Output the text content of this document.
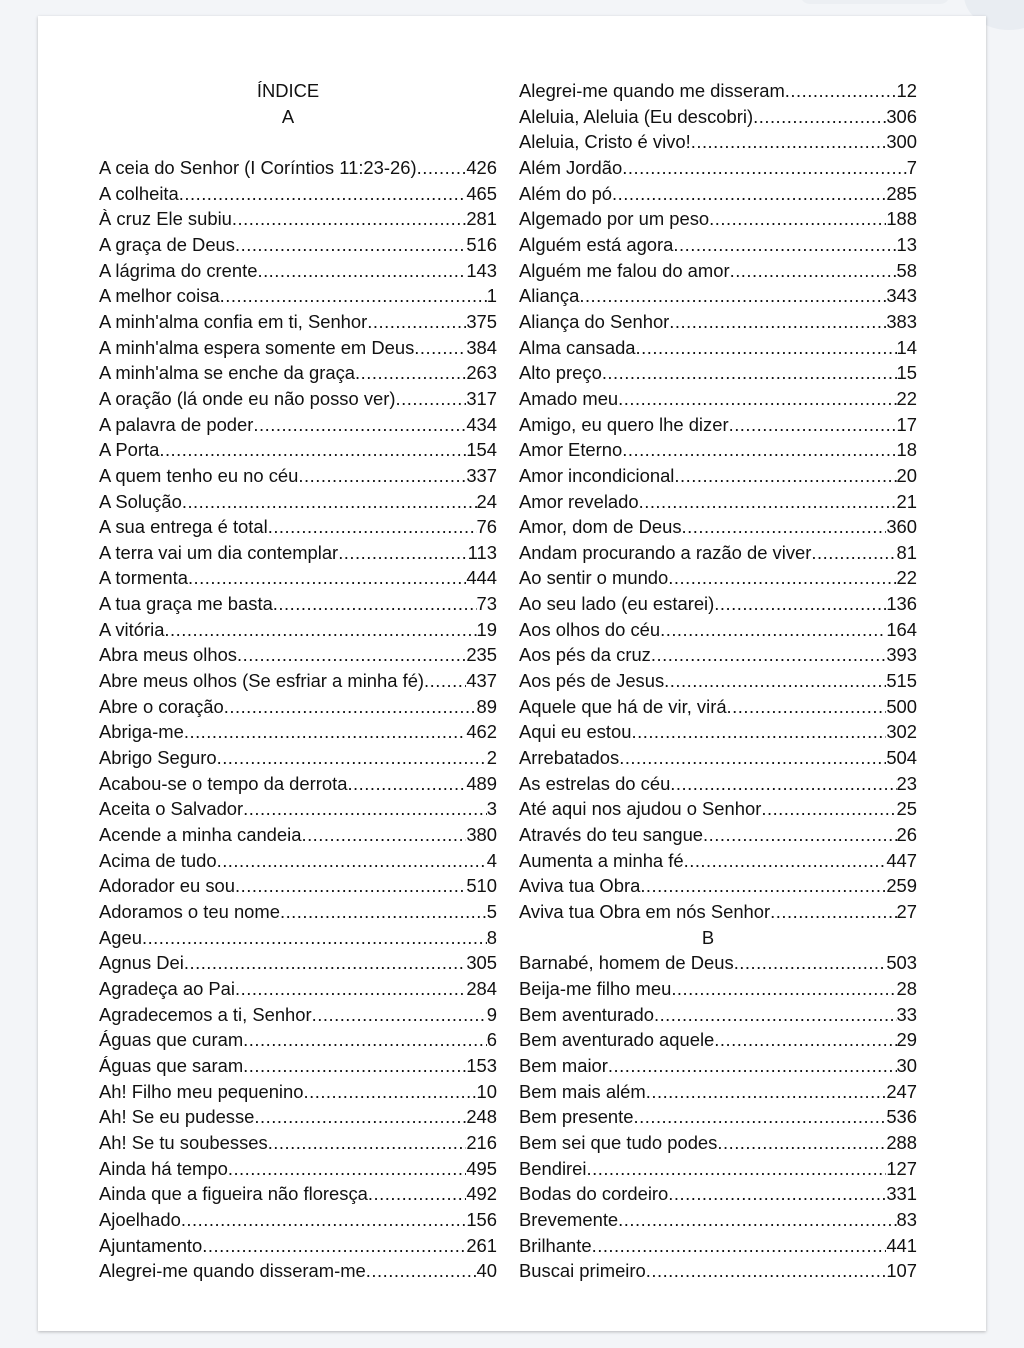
ÍNDICE
A
A ceia do Senhor (I Coríntios 11:23-26) .....	426
A colheita .....	465
À cruz Ele subiu .....	281
A graça de Deus .....	516
A lágrima do crente .....	143
A melhor coisa .....	1
A minh'alma confia em ti, Senhor .....	375
A minh'alma espera somente em Deus .....	384
A minh'alma se enche da graça .....	263
A oração (lá onde eu não posso ver) .....	317
A palavra de poder .....	434
A Porta .....	154
A quem tenho eu no céu .....	337
A Solução .....	24
A sua entrega é total .....	76
A terra vai um dia contemplar .....	113
A tormenta .....	444
A tua graça me basta .....	73
A vitória .....	19
Abra meus olhos .....	235
Abre meus olhos (Se esfriar a minha fé) ..... 437
Abre o coração .....	89
Abriga-me .....	462
Abrigo Seguro .....	2
Acabou-se o tempo da derrota .....	489
Aceita o Salvador .....	3
Acende a minha candeia .....	380
Acima de tudo .....	4
Adorador eu sou .....	510
Adoramos o teu nome .....	5
Ageu .....	8
Agnus Dei .....	305
Agradeça ao Pai .....	284
Agradecemos a ti, Senhor .....	9
Águas que curam .....	6
Águas que saram .....	153
Ah! Filho meu pequenino .....	10
Ah! Se eu pudesse .....	248
Ah! Se tu soubesses .....	216
Ainda há tempo .....	495
Ainda que a figueira não floresça .....	492
Ajoelhado .....	156
Ajuntamento .....	261
Alegrei-me quando disseram-me .....	40
Alegrei-me quando me disseram .....	12
Aleluia, Aleluia (Eu descobri) .....	306
Aleluia, Cristo é vivo! .....	300
Além Jordão .....	7
Além do pó .....	285
Algemado por um peso .....	188
Alguém está agora .....	13
Alguém me falou do amor .....	58
Aliança .....	343
Aliança do Senhor .....	383
Alma cansada .....	14
Alto preço .....	15
Amado meu .....	22
Amigo, eu quero lhe dizer .....	17
Amor Eterno .....	18
Amor incondicional .....	20
Amor revelado .....	21
Amor, dom de Deus .....	360
Andam procurando a razão de viver .....	81
Ao sentir o mundo .....	22
Ao seu lado (eu estarei) .....	136
Aos olhos do céu .....	164
Aos pés da cruz .....	393
Aos pés de Jesus .....	515
Aquele que há de vir, virá .....	500
Aqui eu estou .....	302
Arrebatados .....	504
As estrelas do céu .....	23
Até aqui nos ajudou o Senhor .....	25
Através do teu sangue .....	26
Aumenta a minha fé .....	447
Aviva tua Obra .....	259
Aviva tua Obra em nós Senhor .....	27
B
Barnabé, homem de Deus .....	503
Beija-me filho meu .....	28
Bem aventurado .....	33
Bem aventurado aquele .....	29
Bem maior .....	30
Bem mais além .....	247
Bem presente .....	536
Bem sei que tudo podes .....	288
Bendirei .....	127
Bodas do cordeiro .....	331
Brevemente .....	83
Brilhante .....	441
Buscai primeiro .....	107
